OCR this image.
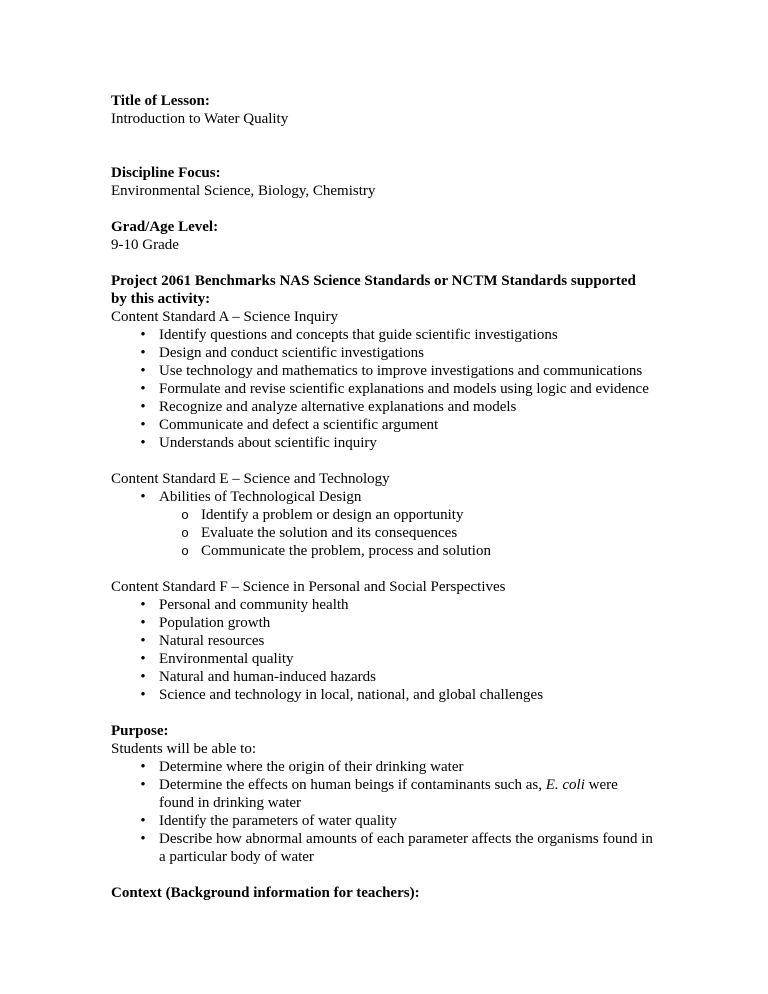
Title of Lesson:
Introduction to Water Quality
Discipline Focus:
Environmental Science, Biology, Chemistry
Grad/Age Level:
9-10 Grade
Project 2061 Benchmarks NAS Science Standards or NCTM Standards supported
by this activity:
Content Standard A – Science Inquiry
• Identify questions and concepts that guide scientific investigations
• Design and conduct scientific investigations
• Use technology and mathematics to improve investigations and communications
• Formulate and revise scientific explanations and models using logic and evidence
• Recognize and analyze alternative explanations and models
• Communicate and defect a scientific argument
• Understands about scientific inquiry
Content Standard E – Science and Technology
• Abilities of Technological Design
o Identify a problem or design an opportunity
o Evaluate the solution and its consequences
o Communicate the problem, process and solution
Content Standard F – Science in Personal and Social Perspectives
• Personal and community health
• Population growth
• Natural resources
• Environmental quality
• Natural and human-induced hazards
• Science and technology in local, national, and global challenges
Purpose:
Students will be able to:
• Determine where the origin of their drinking water
• Determine the effects on human beings if contaminants such as, E. coli were
found in drinking water
• Identify the parameters of water quality
• Describe how abnormal amounts of each parameter affects the organisms found in
a particular body of water
Context (Background information for teachers):
